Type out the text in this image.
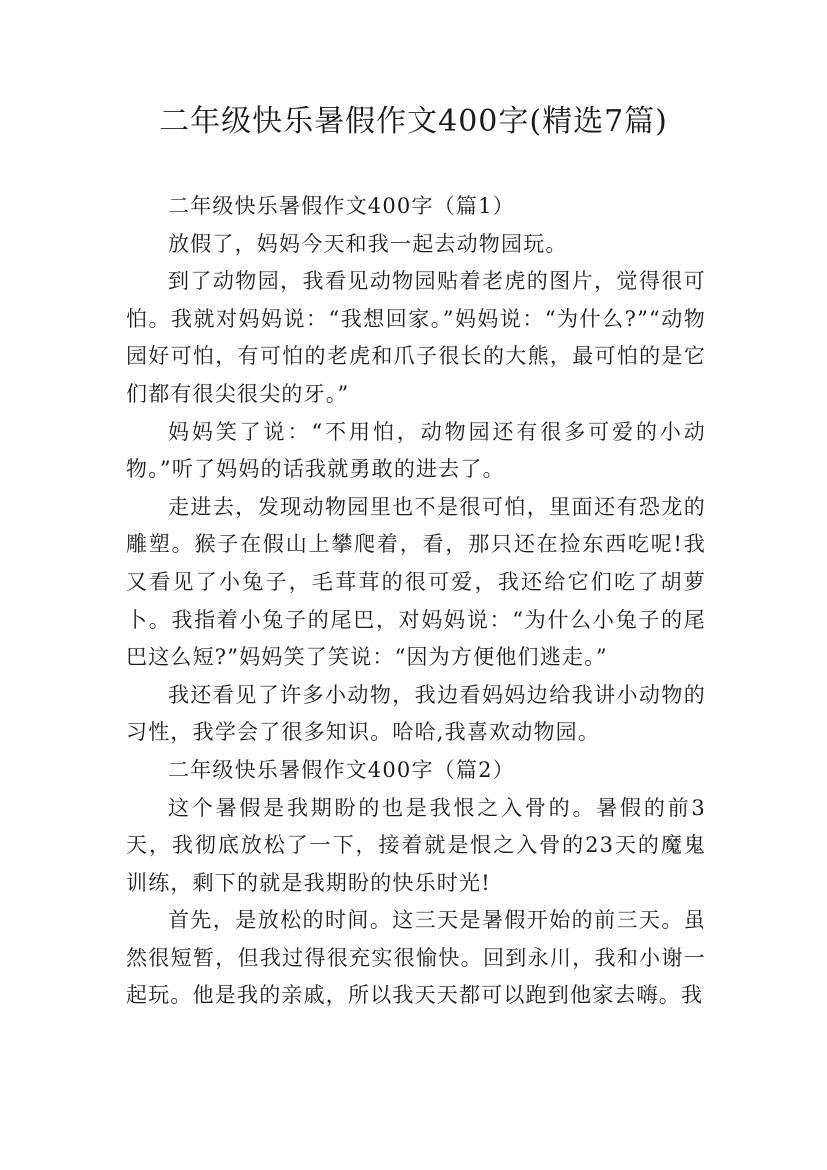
二年级快乐暑假作文400字(精选7篇)

二年级快乐暑假作文400字（篇1）

放假了，妈妈今天和我一起去动物园玩。

到了动物园，我看见动物园贴着老虎的图片，觉得很可怕。我就对妈妈说：“我想回家。”妈妈说：“为什么?”“动物园好可怕，有可怕的老虎和爪子很长的大熊，最可怕的是它们都有很尖很尖的牙。”

妈妈笑了说：“不用怕，动物园还有很多可爱的小动物。”听了妈妈的话我就勇敢的进去了。

走进去，发现动物园里也不是很可怕，里面还有恐龙的雕塑。猴子在假山上攀爬着，看，那只还在捡东西吃呢!我又看见了小兔子，毛茸茸的很可爱，我还给它们吃了胡萝卜。我指着小兔子的尾巴，对妈妈说：“为什么小兔子的尾巴这么短?”妈妈笑了笑说：“因为方便他们逃走。”

我还看见了许多小动物，我边看妈妈边给我讲小动物的习性，我学会了很多知识。哈哈,我喜欢动物园。

二年级快乐暑假作文400字（篇2）

这个暑假是我期盼的也是我恨之入骨的。暑假的前3天，我彻底放松了一下，接着就是恨之入骨的23天的魔鬼训练，剩下的就是我期盼的快乐时光!

首先，是放松的时间。这三天是暑假开始的前三天。虽然很短暂，但我过得很充实很愉快。回到永川，我和小谢一起玩。他是我的亲戚，所以我天天都可以跑到他家去嗨。我
